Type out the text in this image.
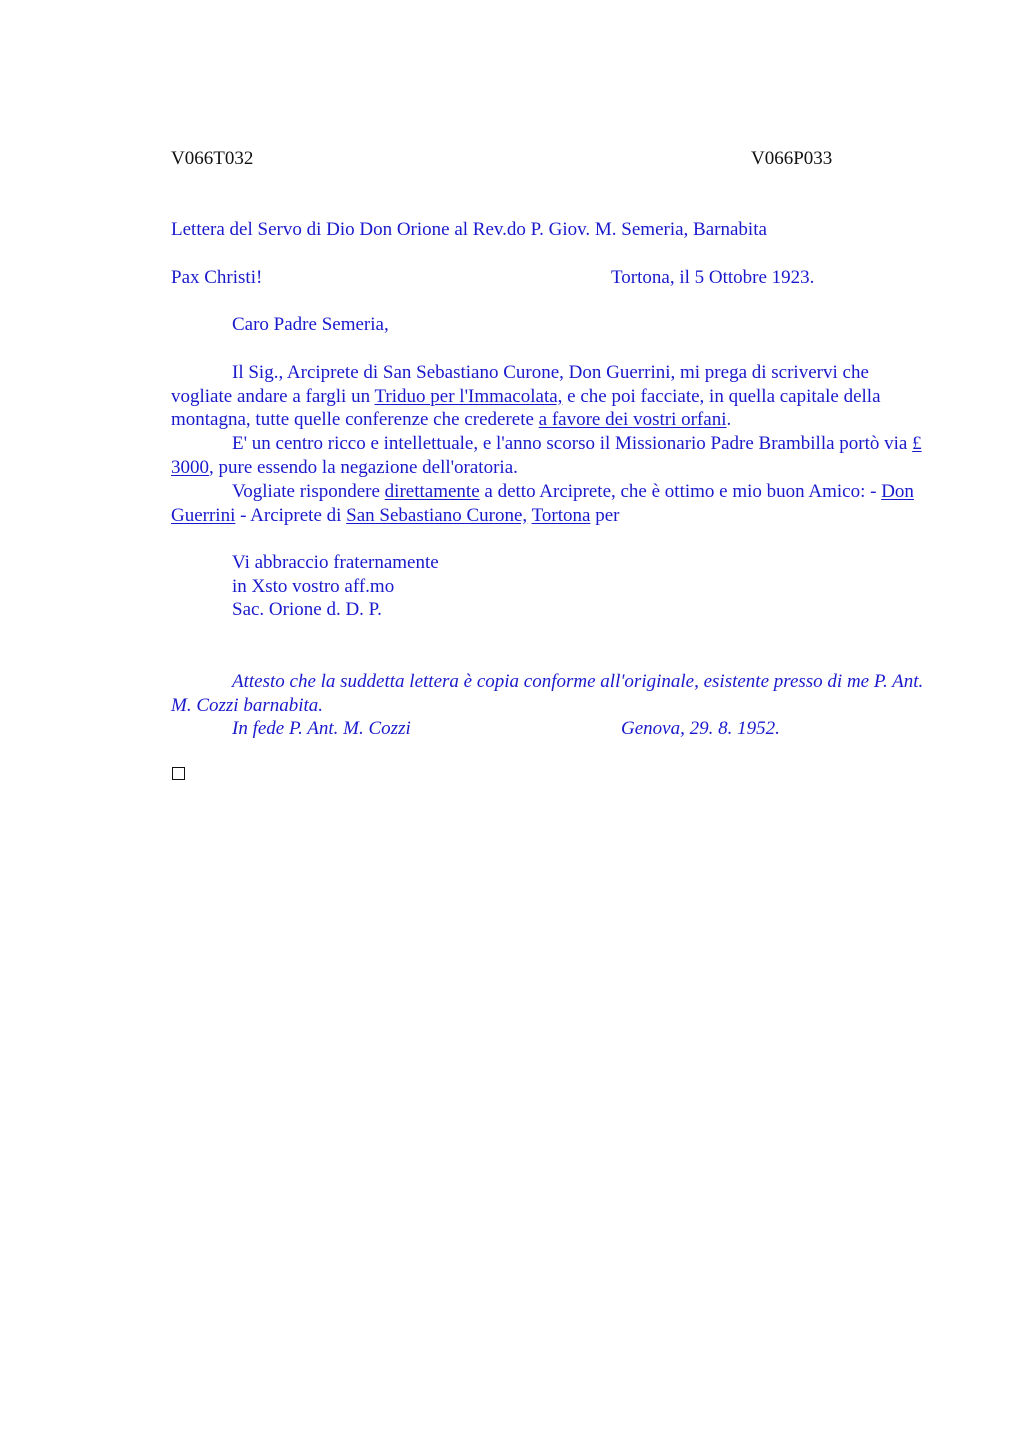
V066T032	V066P033
Lettera del Servo di Dio Don Orione al Rev.do P. Giov. M. Semeria, Barnabita
Pax Christi!	Tortona, il 5 Ottobre 1923.
Caro Padre Semeria,
Il Sig., Arciprete di San Sebastiano Curone, Don Guerrini, mi prega di scrivervi che vogliate andare a fargli un Triduo per l'Immacolata, e che poi facciate, in quella capitale della montagna, tutte quelle conferenze che crederete a favore dei vostri orfani.
E' un centro ricco e intellettuale, e l'anno scorso il Missionario Padre Brambilla portò via £ 3000, pure essendo la negazione dell'oratoria.
Vogliate rispondere direttamente a detto Arciprete, che è ottimo e mio buon Amico: - Don Guerrini - Arciprete di San Sebastiano Curone, Tortona per
Vi abbraccio fraternamente
in Xsto vostro aff.mo
Sac. Orione d. D. P.
Attesto che la suddetta lettera è copia conforme all'originale, esistente presso di me P. Ant. M. Cozzi barnabita.
In fede P. Ant. M. Cozzi	Genova, 29. 8. 1952.
